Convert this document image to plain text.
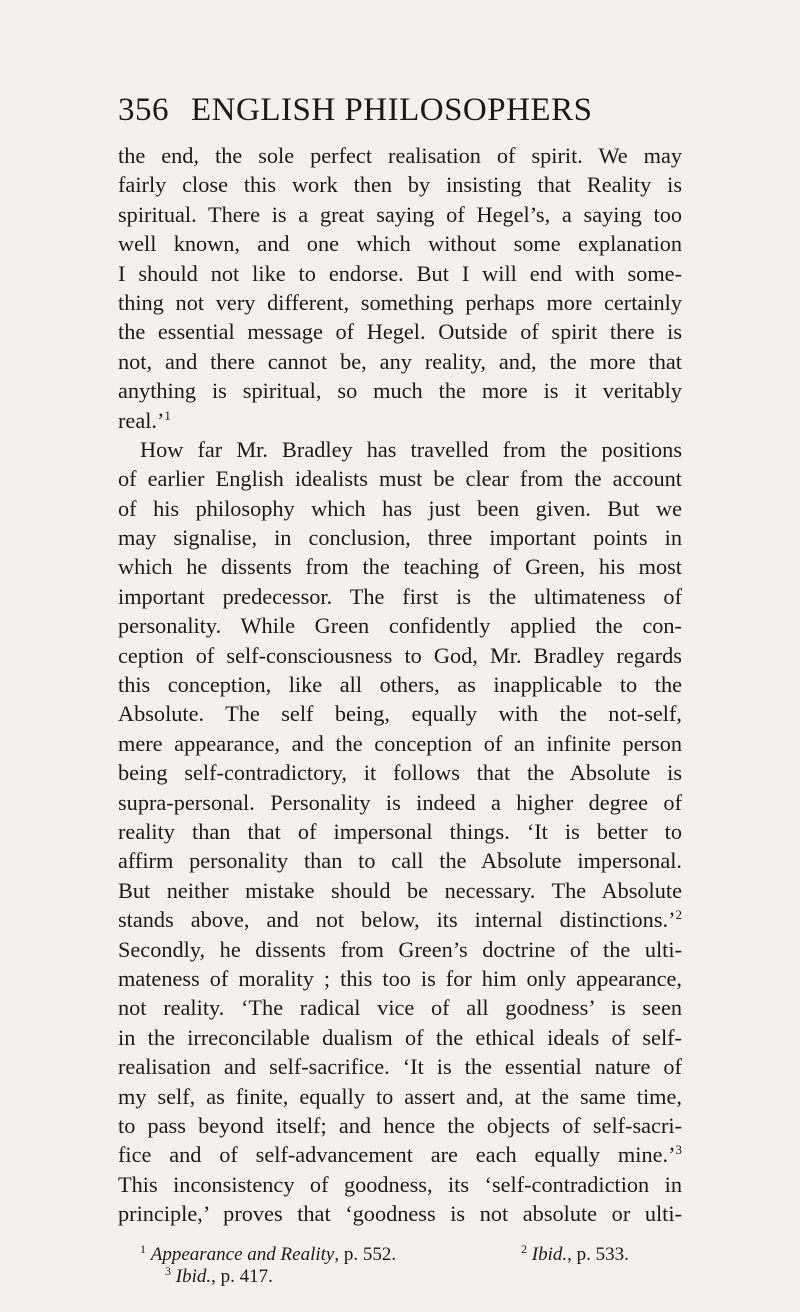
356 ENGLISH PHILOSOPHERS
the end, the sole perfect realisation of spirit. We may
fairly close this work then by insisting that Reality is
spiritual. There is a great saying of Hegel’s, a saying too
well known, and one which without some explanation
I should not like to endorse. But I will end with some-
thing not very different, something perhaps more certainly
the essential message of Hegel. Outside of spirit there is
not, and there cannot be, any reality, and, the more that
anything is spiritual, so much the more is it veritably
real.’$^1$
How far Mr. Bradley has travelled from the positions
of earlier English idealists must be clear from the account
of his philosophy which has just been given. But we
may signalise, in conclusion, three important points in
which he dissents from the teaching of Green, his most
important predecessor. The first is the ultimateness of
personality. While Green confidently applied the con-
ception of self-consciousness to God, Mr. Bradley regards
this conception, like all others, as inapplicable to the
Absolute. The self being, equally with the not-self,
mere appearance, and the conception of an infinite person
being self-contradictory, it follows that the Absolute is
supra-personal. Personality is indeed a higher degree of
reality than that of impersonal things. ‘It is better to
affirm personality than to call the Absolute impersonal.
But neither mistake should be necessary. The Absolute
stands above, and not below, its internal distinctions.’$^2$
Secondly, he dissents from Green’s doctrine of the ulti-
mateness of morality ; this too is for him only appearance,
not reality. ‘The radical vice of all goodness’ is seen
in the irreconcilable dualism of the ethical ideals of self-
realisation and self-sacrifice. ‘It is the essential nature of
my self, as finite, equally to assert and, at the same time,
to pass beyond itself; and hence the objects of self-sacri-
fice and of self-advancement are each equally mine.’$^3$
This inconsistency of goodness, its ‘self-contradiction in
principle,’ proves that ‘goodness is not absolute or ulti-
$^1$ Appearance and Reality, p. 552.	$^2$ Ibid., p. 533.
$^3$ Ibid., p. 417.
